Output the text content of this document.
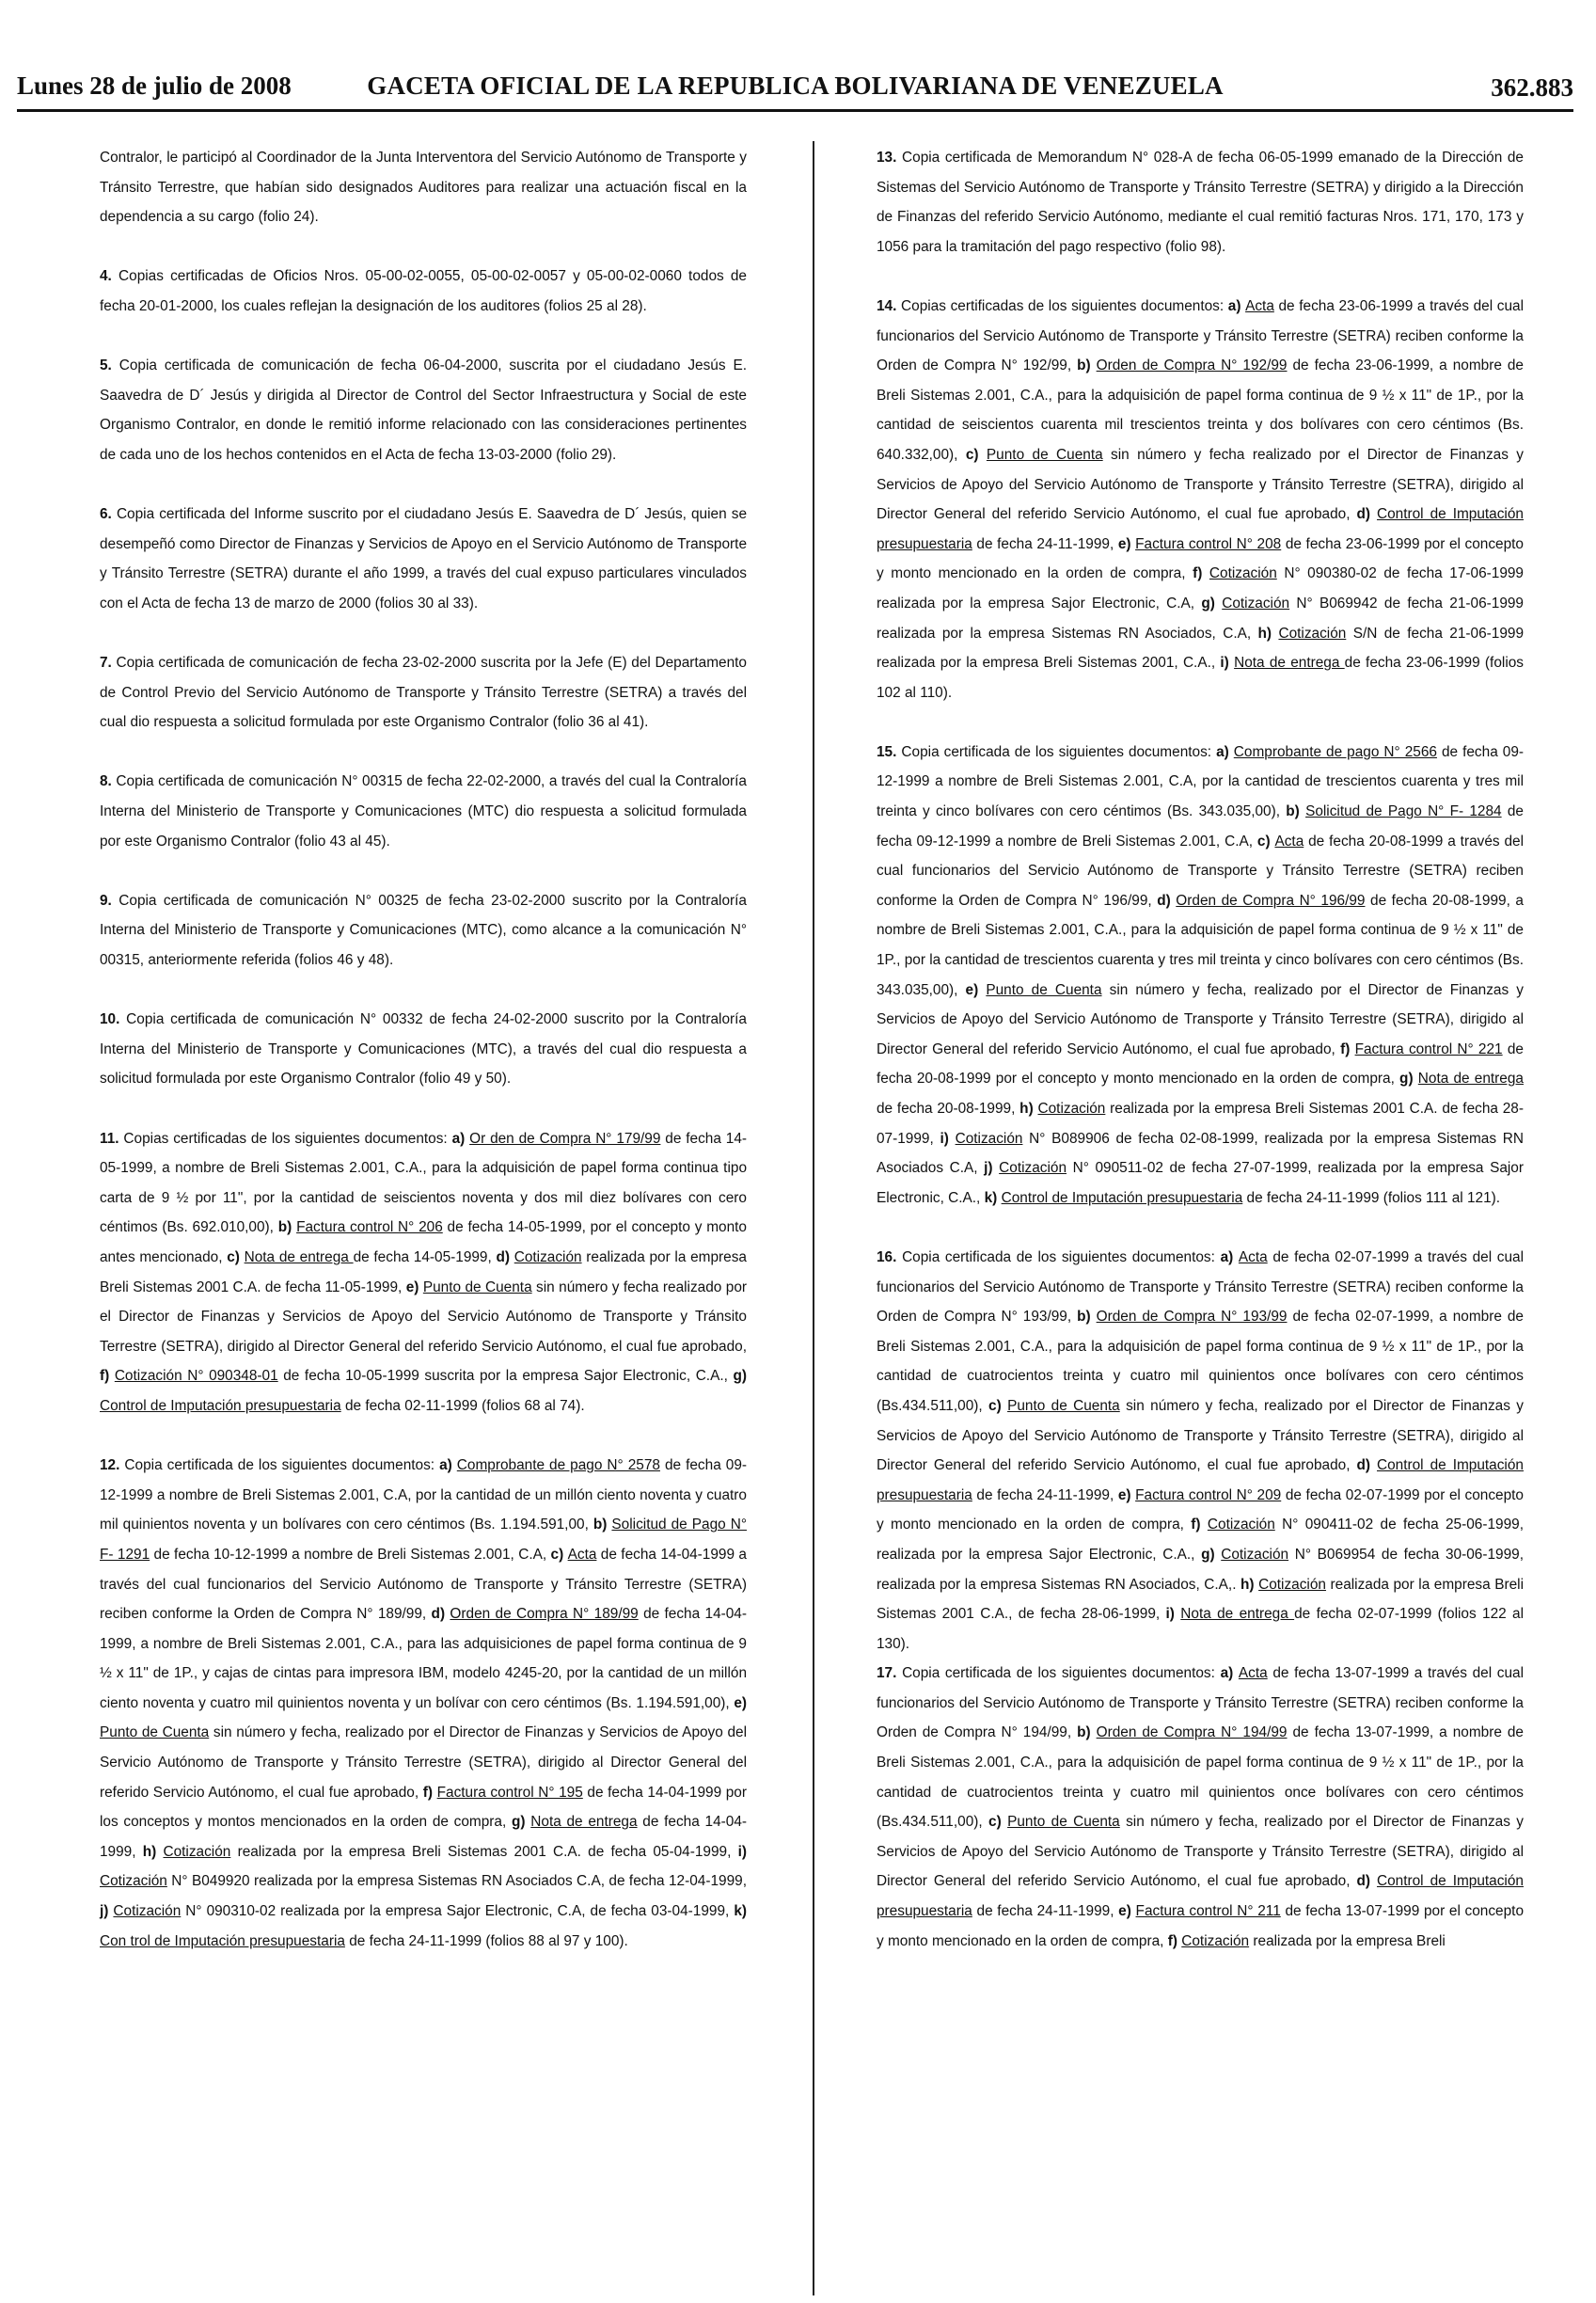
Lunes 28 de julio de 2008	GACETA OFICIAL DE LA REPUBLICA BOLIVARIANA DE VENEZUELA	362.883

Contralor, le participó al Coordinador de la Junta Interventora del Servicio Autónomo de Transporte y Tránsito Terrestre, que habían sido designados Auditores para realizar una actuación fiscal en la dependencia a su cargo (folio 24).

4. Copias certificadas de Oficios Nros. 05-00-02-0055, 05-00-02-0057 y 05-00-02-0060 todos de fecha 20-01-2000, los cuales reflejan la designación de los auditores (folios 25 al 28).

5. Copia certificada de comunicación de fecha 06-04-2000, suscrita por el ciudadano Jesús E. Saavedra de D´ Jesús y dirigida al Director de Control del Sector Infraestructura y Social de este Organismo Contralor, en donde le remitió informe relacionado con las consideraciones pertinentes de cada uno de los hechos contenidos en el Acta de fecha 13-03-2000 (folio 29).

6. Copia certificada del Informe suscrito por el ciudadano Jesús E. Saavedra de D´ Jesús, quien se desempeñó como Director de Finanzas y Servicios de Apoyo en el Servicio Autónomo de Transporte y Tránsito Terrestre (SETRA) durante el año 1999, a través del cual expuso particulares vinculados con el Acta de fecha 13 de marzo de 2000 (folios 30 al 33).

7. Copia certificada de comunicación de fecha 23-02-2000 suscrita por la Jefe (E) del Departamento de Control Previo del Servicio Autónomo de Transporte y Tránsito Terrestre (SETRA) a través del cual dio respuesta a solicitud formulada por este Organismo Contralor (folio 36 al 41).

8. Copia certificada de comunicación N° 00315 de fecha 22-02-2000, a través del cual la Contraloría Interna del Ministerio de Transporte y Comunicaciones (MTC) dio respuesta a solicitud formulada por este Organismo Contralor (folio 43 al 45).

9. Copia certificada de comunicación N° 00325 de fecha 23-02-2000 suscrito por la Contraloría Interna del Ministerio de Transporte y Comunicaciones (MTC), como alcance a la comunicación N° 00315, anteriormente referida (folios 46 y 48).

10. Copia certificada de comunicación N° 00332 de fecha 24-02-2000 suscrito por la Contraloría Interna del Ministerio de Transporte y Comunicaciones (MTC), a través del cual dio respuesta a solicitud formulada por este Organismo Contralor (folio 49 y 50).

11. Copias certificadas de los siguientes documentos: a) Or den de Compra N° 179/99 de fecha 14-05-1999, a nombre de Breli Sistemas 2.001, C.A., para la adquisición de papel forma continua tipo carta de 9 ½ por 11", por la cantidad de seiscientos noventa y dos mil diez bolívares con cero céntimos (Bs. 692.010,00), b) Factura control N° 206 de fecha 14-05-1999, por el concepto y monto antes mencionado, c) Nota de entrega de fecha 14-05-1999, d) Cotización realizada por la empresa Breli Sistemas 2001 C.A. de fecha 11-05-1999, e) Punto de Cuenta sin número y fecha realizado por el Director de Finanzas y Servicios de Apoyo del Servicio Autónomo de Transporte y Tránsito Terrestre (SETRA), dirigido al Director General del referido Servicio Autónomo, el cual fue aprobado, f) Cotización N° 090348-01 de fecha 10-05-1999 suscrita por la empresa Sajor Electronic, C.A., g) Control de Imputación presupuestaria de fecha 02-11-1999 (folios 68 al 74).

12. Copia certificada de los siguientes documentos: a) Comprobante de pago N° 2578 de fecha 09-12-1999 a nombre de Breli Sistemas 2.001, C.A, por la cantidad de un millón ciento noventa y cuatro mil quinientos noventa y un bolívares con cero céntimos (Bs. 1.194.591,00, b) Solicitud de Pago N° F- 1291 de fecha 10-12-1999 a nombre de Breli Sistemas 2.001, C.A, c) Acta de fecha 14-04-1999 a través del cual funcionarios del Servicio Autónomo de Transporte y Tránsito Terrestre (SETRA) reciben conforme la Orden de Compra N° 189/99, d) Orden de Compra N° 189/99 de fecha 14-04-1999, a nombre de Breli Sistemas 2.001, C.A., para las adquisiciones de papel forma continua de 9 ½ x 11" de 1P., y cajas de cintas para impresora IBM, modelo 4245-20, por la cantidad de un millón ciento noventa y cuatro mil quinientos noventa y un bolívar con cero céntimos (Bs. 1.194.591,00), e) Punto de Cuenta sin número y fecha, realizado por el Director de Finanzas y Servicios de Apoyo del Servicio Autónomo de Transporte y Tránsito Terrestre (SETRA), dirigido al Director General del referido Servicio Autónomo, el cual fue aprobado, f) Factura control N° 195 de fecha 14-04-1999 por los conceptos y montos mencionados en la orden de compra, g) Nota de entrega de fecha 14-04-1999, h) Cotización realizada por la empresa Breli Sistemas 2001 C.A. de fecha 05-04-1999, i) Cotización N° B049920 realizada por la empresa Sistemas RN Asociados C.A, de fecha 12-04-1999, j) Cotización N° 090310-02 realizada por la empresa Sajor Electronic, C.A, de fecha 03-04-1999, k) Con trol de Imputación presupuestaria de fecha 24-11-1999 (folios 88 al 97 y 100).

13. Copia certificada de Memorandum N° 028-A de fecha 06-05-1999 emanado de la Dirección de Sistemas del Servicio Autónomo de Transporte y Tránsito Terrestre (SETRA) y dirigido a la Dirección de Finanzas del referido Servicio Autónomo, mediante el cual remitió facturas Nros. 171, 170, 173 y 1056 para la tramitación del pago respectivo (folio 98).

14. Copias certificadas de los siguientes documentos: a) Acta de fecha 23-06-1999 a través del cual funcionarios del Servicio Autónomo de Transporte y Tránsito Terrestre (SETRA) reciben conforme la Orden de Compra N° 192/99, b) Orden de Compra N° 192/99 de fecha 23-06-1999, a nombre de Breli Sistemas 2.001, C.A., para la adquisición de papel forma continua de 9 ½ x 11" de 1P., por la cantidad de seiscientos cuarenta mil trescientos treinta y dos bolívares con cero céntimos (Bs. 640.332,00), c) Punto de Cuenta sin número y fecha realizado por el Director de Finanzas y Servicios de Apoyo del Servicio Autónomo de Transporte y Tránsito Terrestre (SETRA), dirigido al Director General del referido Servicio Autónomo, el cual fue aprobado, d) Control de Imputación presupuestaria de fecha 24-11-1999, e) Factura control N° 208 de fecha 23-06-1999 por el concepto y monto mencionado en la orden de compra, f) Cotización N° 090380-02 de fecha 17-06-1999 realizada por la empresa Sajor Electronic, C.A, g) Cotización N° B069942 de fecha 21-06-1999 realizada por la empresa Sistemas RN Asociados, C.A, h) Cotización S/N de fecha 21-06-1999 realizada por la empresa Breli Sistemas 2001, C.A., i) Nota de entrega de fecha 23-06-1999 (folios 102 al 110).

15. Copia certificada de los siguientes documentos: a) Comprobante de pago N° 2566 de fecha 09-12-1999 a nombre de Breli Sistemas 2.001, C.A, por la cantidad de trescientos cuarenta y tres mil treinta y cinco bolívares con cero céntimos (Bs. 343.035,00), b) Solicitud de Pago N° F- 1284 de fecha 09-12-1999 a nombre de Breli Sistemas 2.001, C.A, c) Acta de fecha 20-08-1999 a través del cual funcionarios del Servicio Autónomo de Transporte y Tránsito Terrestre (SETRA) reciben conforme la Orden de Compra N° 196/99, d) Orden de Compra N° 196/99 de fecha 20-08-1999, a nombre de Breli Sistemas 2.001, C.A., para la adquisición de papel forma continua de 9 ½ x 11" de 1P., por la cantidad de trescientos cuarenta y tres mil treinta y cinco bolívares con cero céntimos (Bs. 343.035,00), e) Punto de Cuenta sin número y fecha, realizado por el Director de Finanzas y Servicios de Apoyo del Servicio Autónomo de Transporte y Tránsito Terrestre (SETRA), dirigido al Director General del referido Servicio Autónomo, el cual fue aprobado, f) Factura control N° 221 de fecha 20-08-1999 por el concepto y monto mencionado en la orden de compra, g) Nota de entrega de fecha 20-08-1999, h) Cotización realizada por la empresa Breli Sistemas 2001 C.A. de fecha 28-07-1999, i) Cotización N° B089906 de fecha 02-08-1999, realizada por la empresa Sistemas RN Asociados C.A, j) Cotización N° 090511-02 de fecha 27-07-1999, realizada por la empresa Sajor Electronic, C.A., k) Control de Imputación presupuestaria de fecha 24-11-1999 (folios 111 al 121).

16. Copia certificada de los siguientes documentos: a) Acta de fecha 02-07-1999 a través del cual funcionarios del Servicio Autónomo de Transporte y Tránsito Terrestre (SETRA) reciben conforme la Orden de Compra N° 193/99, b) Orden de Compra N° 193/99 de fecha 02-07-1999, a nombre de Breli Sistemas 2.001, C.A., para la adquisición de papel forma continua de 9 ½ x 11" de 1P., por la cantidad de cuatrocientos treinta y cuatro mil quinientos once bolívares con cero céntimos (Bs.434.511,00), c) Punto de Cuenta sin número y fecha, realizado por el Director de Finanzas y Servicios de Apoyo del Servicio Autónomo de Transporte y Tránsito Terrestre (SETRA), dirigido al Director General del referido Servicio Autónomo, el cual fue aprobado, d) Control de Imputación presupuestaria de fecha 24-11-1999, e) Factura control N° 209 de fecha 02-07-1999 por el concepto y monto mencionado en la orden de compra, f) Cotización N° 090411-02 de fecha 25-06-1999, realizada por la empresa Sajor Electronic, C.A., g) Cotización N° B069954 de fecha 30-06-1999, realizada por la empresa Sistemas RN Asociados, C.A,. h) Cotización realizada por la empresa Breli Sistemas 2001 C.A., de fecha 28-06-1999, i) Nota de entrega de fecha 02-07-1999 (folios 122 al 130).

17. Copia certificada de los siguientes documentos: a) Acta de fecha 13-07-1999 a través del cual funcionarios del Servicio Autónomo de Transporte y Tránsito Terrestre (SETRA) reciben conforme la Orden de Compra N° 194/99, b) Orden de Compra N° 194/99 de fecha 13-07-1999, a nombre de Breli Sistemas 2.001, C.A., para la adquisición de papel forma continua de 9 ½ x 11" de 1P., por la cantidad de cuatrocientos treinta y cuatro mil quinientos once bolívares con cero céntimos (Bs.434.511,00), c) Punto de Cuenta sin número y fecha, realizado por el Director de Finanzas y Servicios de Apoyo del Servicio Autónomo de Transporte y Tránsito Terrestre (SETRA), dirigido al Director General del referido Servicio Autónomo, el cual fue aprobado, d) Control de Imputación presupuestaria de fecha 24-11-1999, e) Factura control N° 211 de fecha 13-07-1999 por el concepto y monto mencionado en la orden de compra, f) Cotización realizada por la empresa Breli
